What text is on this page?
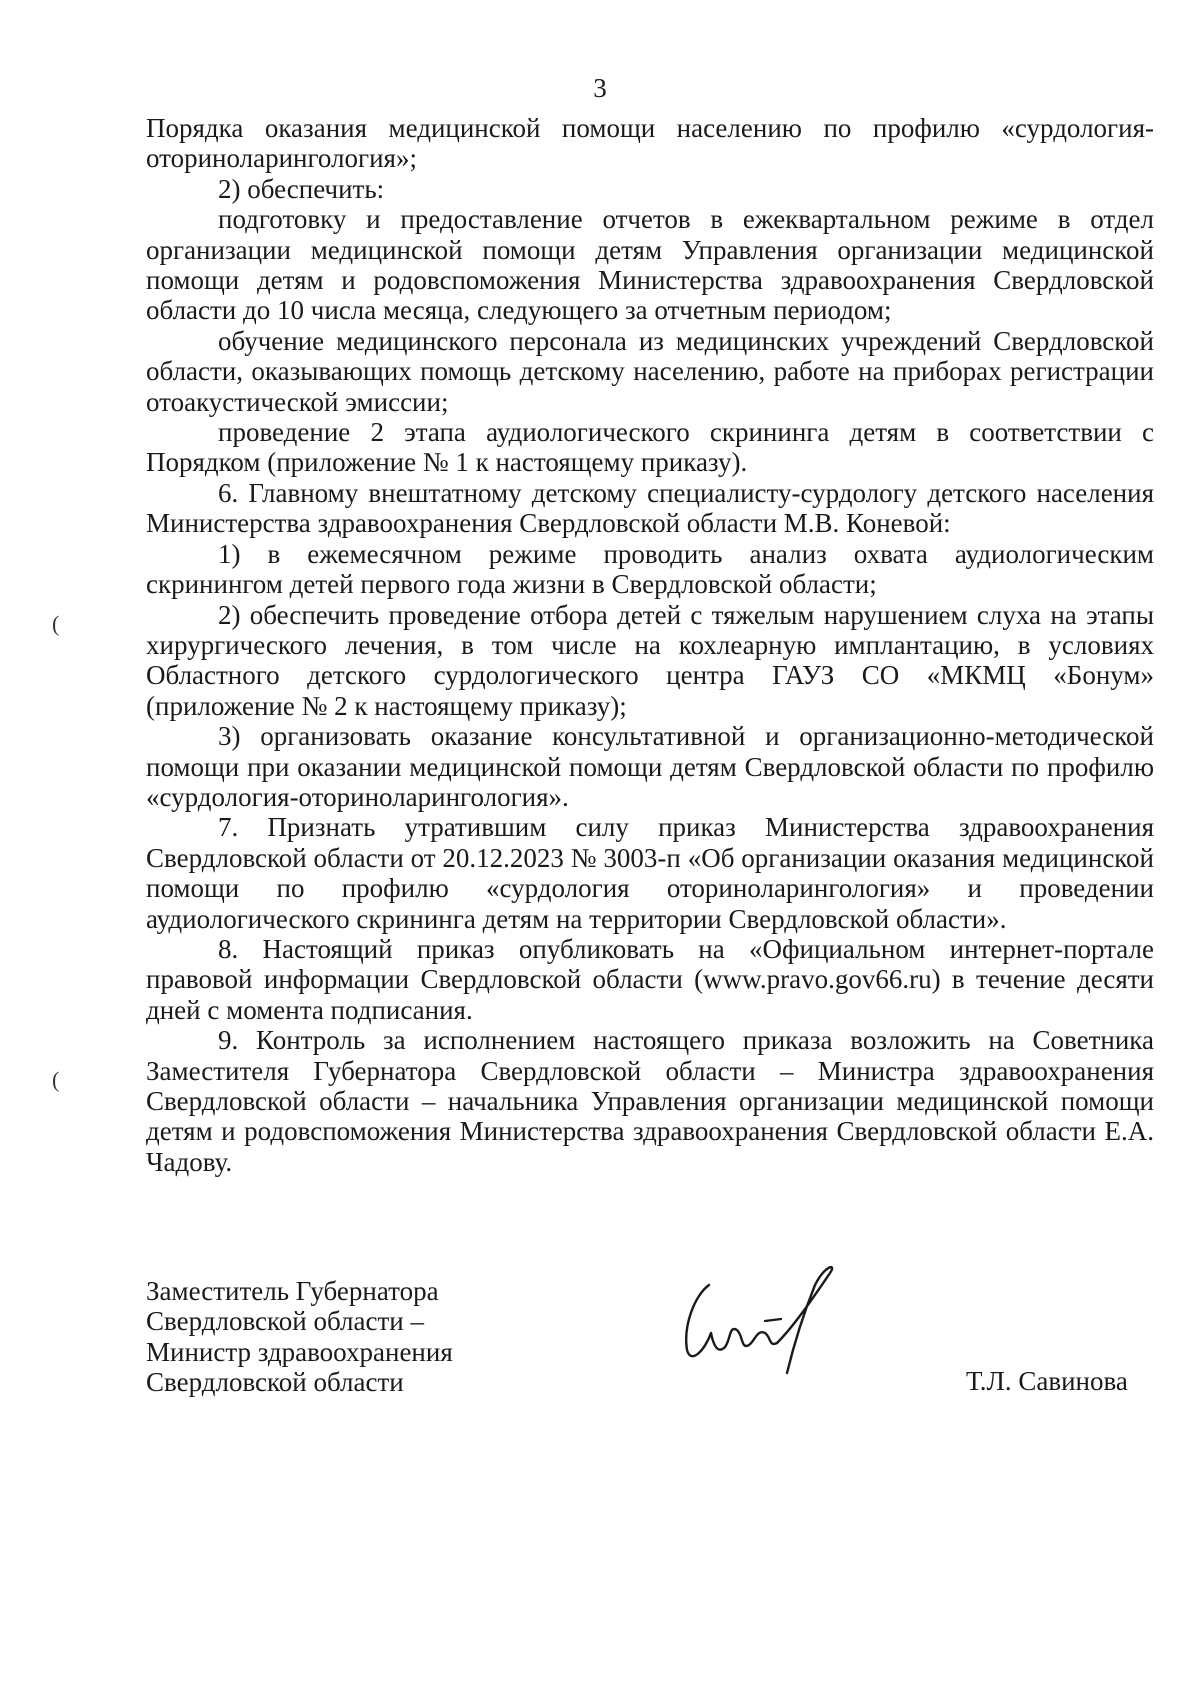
3

Порядка оказания медицинской помощи населению по профилю «сурдология-оториноларингология»;

2) обеспечить:

подготовку и предоставление отчетов в ежеквартальном режиме в отдел организации медицинской помощи детям Управления организации медицинской помощи детям и родовспоможения Министерства здравоохранения Свердловской области до 10 числа месяца, следующего за отчетным периодом;

обучение медицинского персонала из медицинских учреждений Свердловской области, оказывающих помощь детскому населению, работе на приборах регистрации отоакустической эмиссии;

проведение 2 этапа аудиологического скрининга детям в соответствии с Порядком (приложение № 1 к настоящему приказу).

6. Главному внештатному детскому специалисту-сурдологу детского населения Министерства здравоохранения Свердловской области М.В. Коневой:

1) в ежемесячном режиме проводить анализ охвата аудиологическим скринингом детей первого года жизни в Свердловской области;

2) обеспечить проведение отбора детей с тяжелым нарушением слуха на этапы хирургического лечения, в том числе на кохлеарную имплантацию, в условиях Областного детского сурдологического центра ГАУЗ СО «МКМЦ «Бонум» (приложение № 2 к настоящему приказу);

3) организовать оказание консультативной и организационно-методической помощи при оказании медицинской помощи детям Свердловской области по профилю «сурдология-оториноларингология».

7. Признать утратившим силу приказ Министерства здравоохранения Свердловской области от 20.12.2023 № 3003-п «Об организации оказания медицинской помощи по профилю «сурдология оториноларингология» и проведении аудиологического скрининга детям на территории Свердловской области».

8. Настоящий приказ опубликовать на «Официальном интернет-портале правовой информации Свердловской области (www.pravo.gov66.ru) в течение десяти дней с момента подписания.

9. Контроль за исполнением настоящего приказа возложить на Советника Заместителя Губернатора Свердловской области – Министра здравоохранения Свердловской области – начальника Управления организации медицинской помощи детям и родовспоможения Министерства здравоохранения Свердловской области Е.А. Чадову.

(
(
Заместитель Губернатора
Свердловской области –
Министр здравоохранения
Свердловской области	Т.Л. Савинова
